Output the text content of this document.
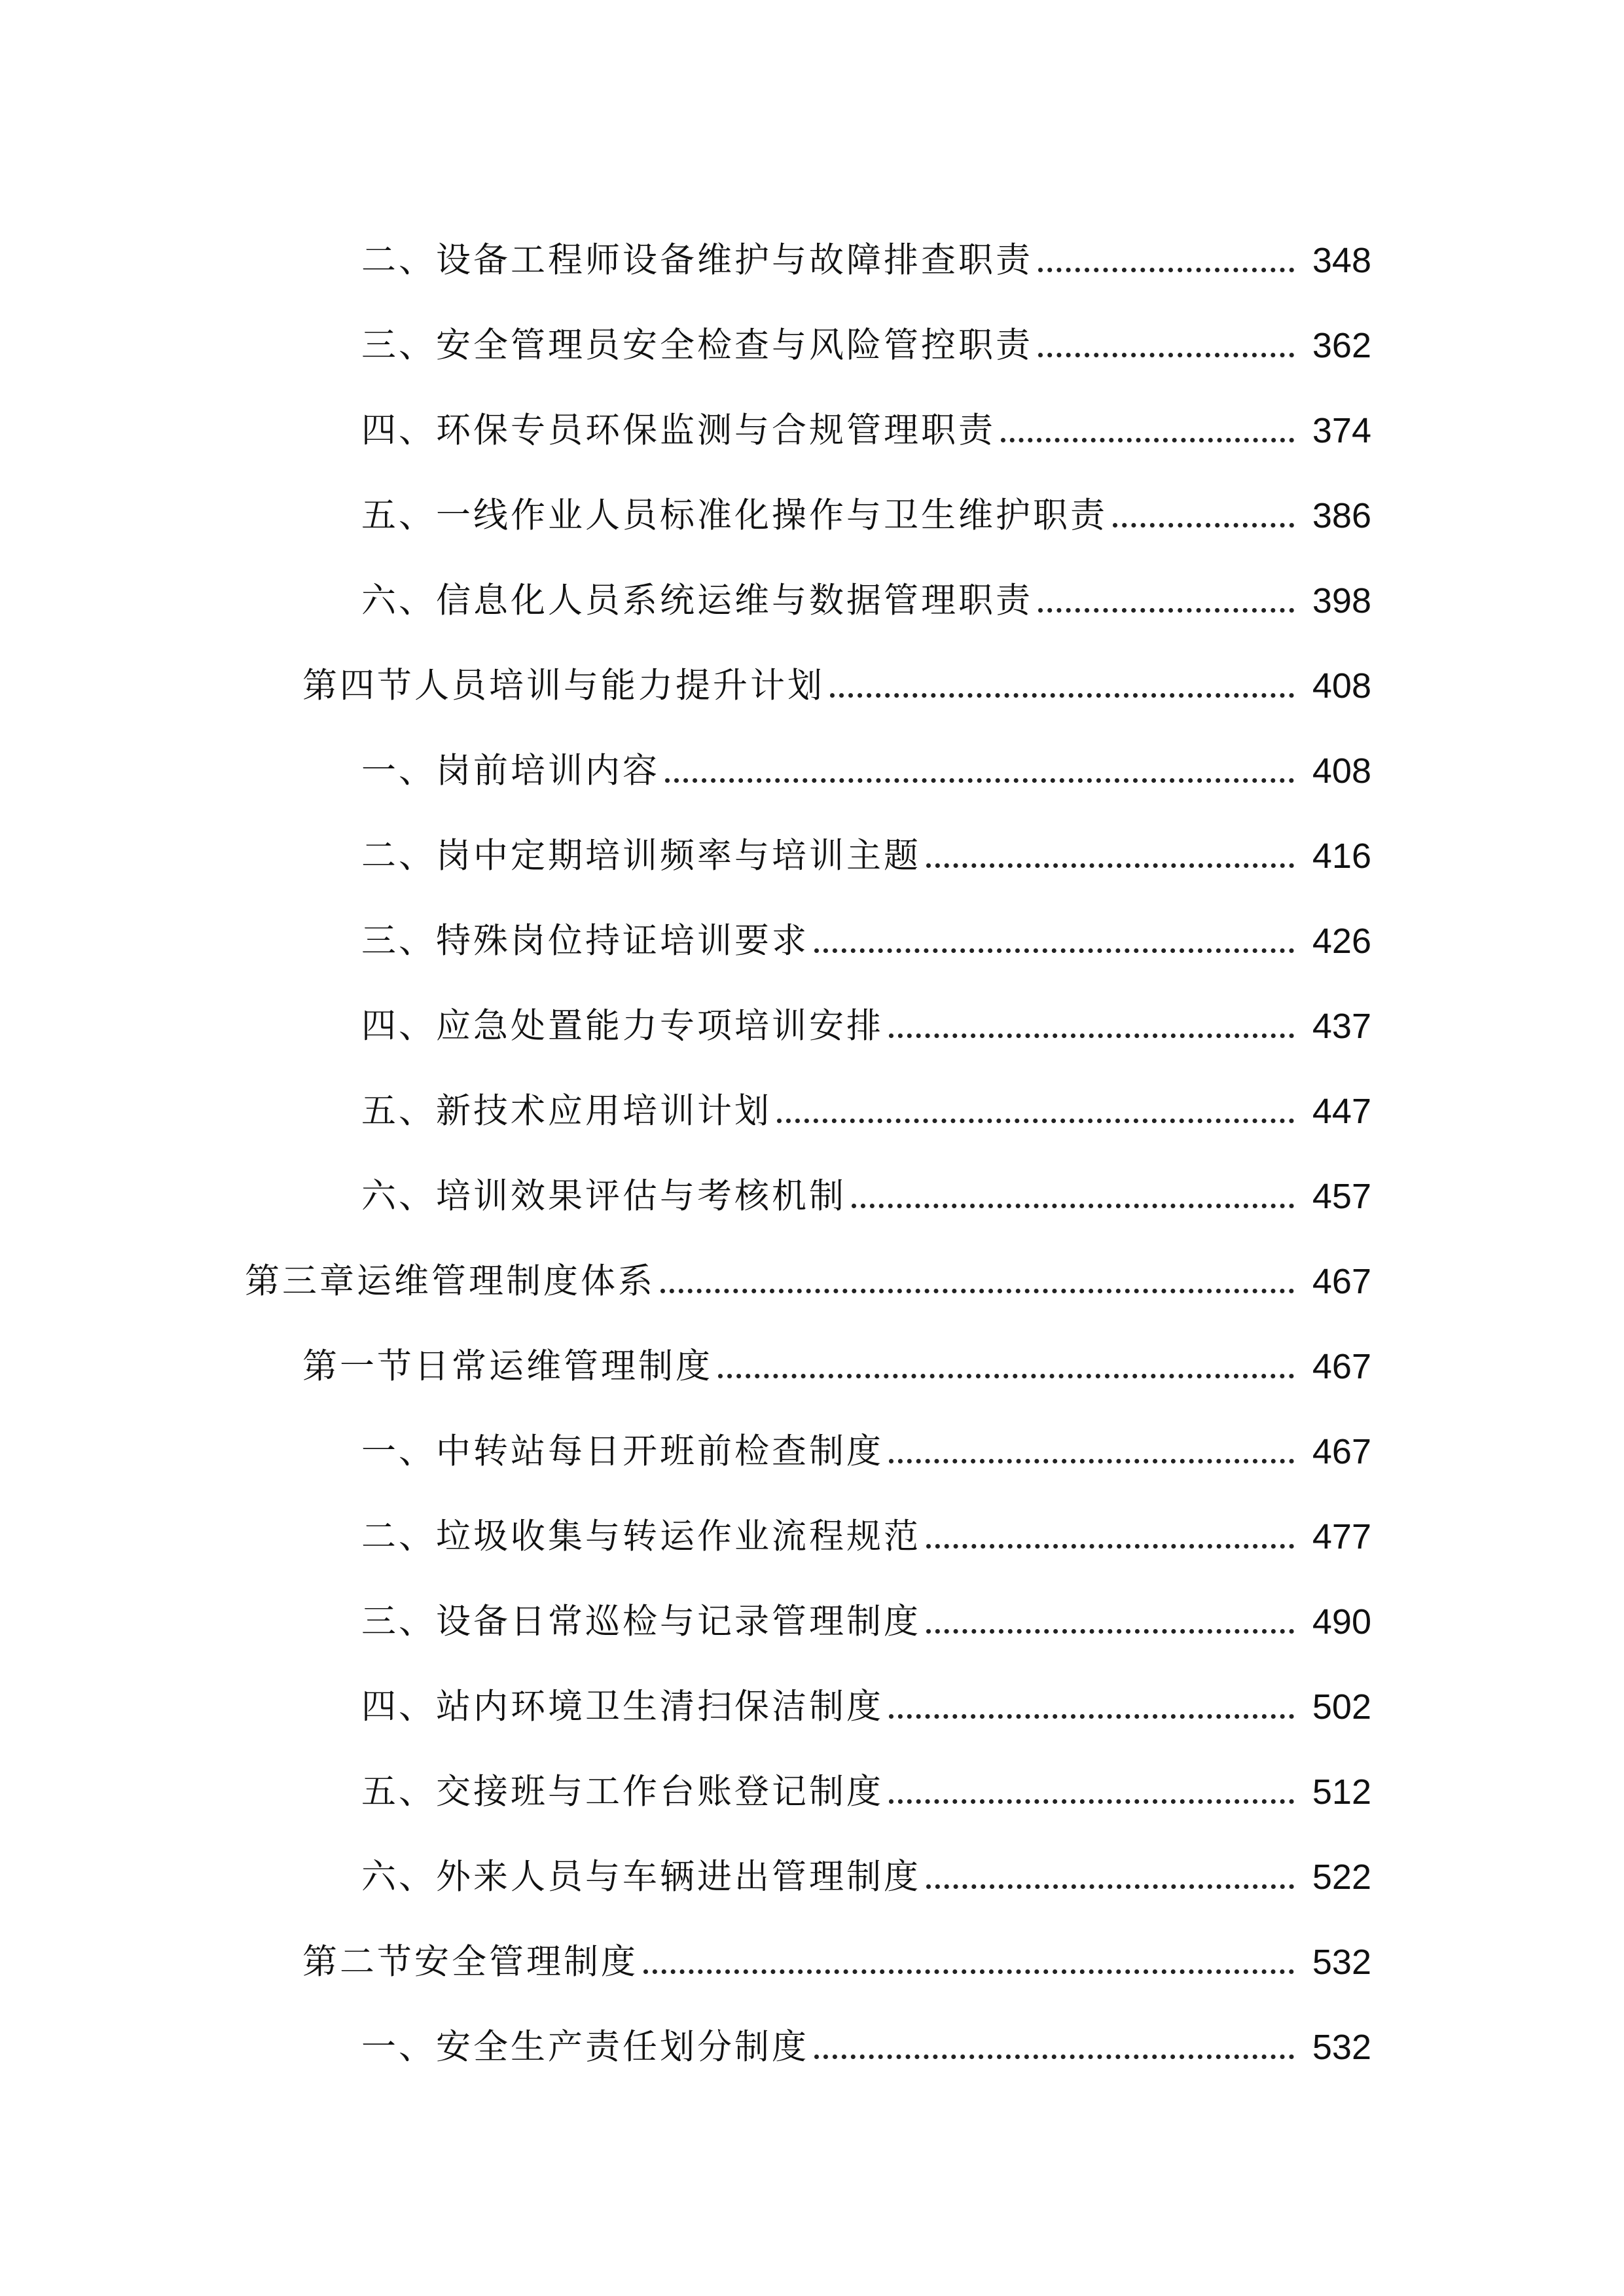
二、设备工程师设备维护与故障排查职责	348
三、安全管理员安全检查与风险管控职责	362
四、环保专员环保监测与合规管理职责	374
五、一线作业人员标准化操作与卫生维护职责	386
六、信息化人员系统运维与数据管理职责	398
第四节人员培训与能力提升计划	408
一、岗前培训内容	408
二、岗中定期培训频率与培训主题	416
三、特殊岗位持证培训要求	426
四、应急处置能力专项培训安排	437
五、新技术应用培训计划	447
六、培训效果评估与考核机制	457
第三章运维管理制度体系	467
第一节日常运维管理制度	467
一、中转站每日开班前检查制度	467
二、垃圾收集与转运作业流程规范	477
三、设备日常巡检与记录管理制度	490
四、站内环境卫生清扫保洁制度	502
五、交接班与工作台账登记制度	512
六、外来人员与车辆进出管理制度	522
第二节安全管理制度	532
一、安全生产责任划分制度	532
